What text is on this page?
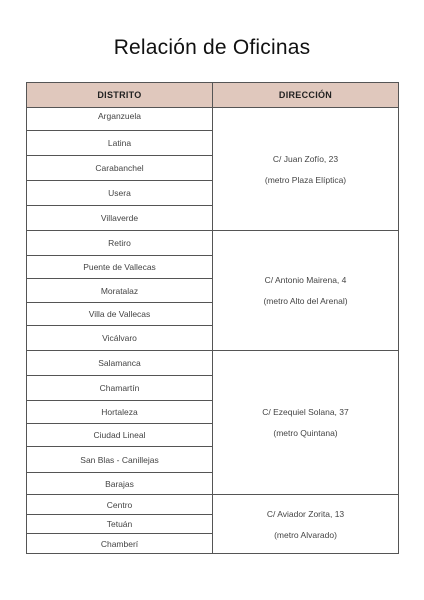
Relación de Oficinas
DISTRITO	DIRECCIÓN
Arganzuela	C/ Juan Zofío, 23
(metro Plaza Elíptica)

Latina	
Carabanchel	
Usera	
Villaverde	
Retiro	C/ Antonio Mairena, 4
(metro Alto del Arenal)

Puente de Vallecas	
Moratalaz	
Villa de Vallecas	
Vicálvaro	
Salamanca	C/ Ezequiel Solana, 37
(metro Quintana)

Chamartín	
Hortaleza	
Ciudad Lineal	
San Blas - Canillejas	
Barajas	
Centro	C/ Aviador Zorita, 13
(metro Alvarado)

Tetuán	
Chamberí	
